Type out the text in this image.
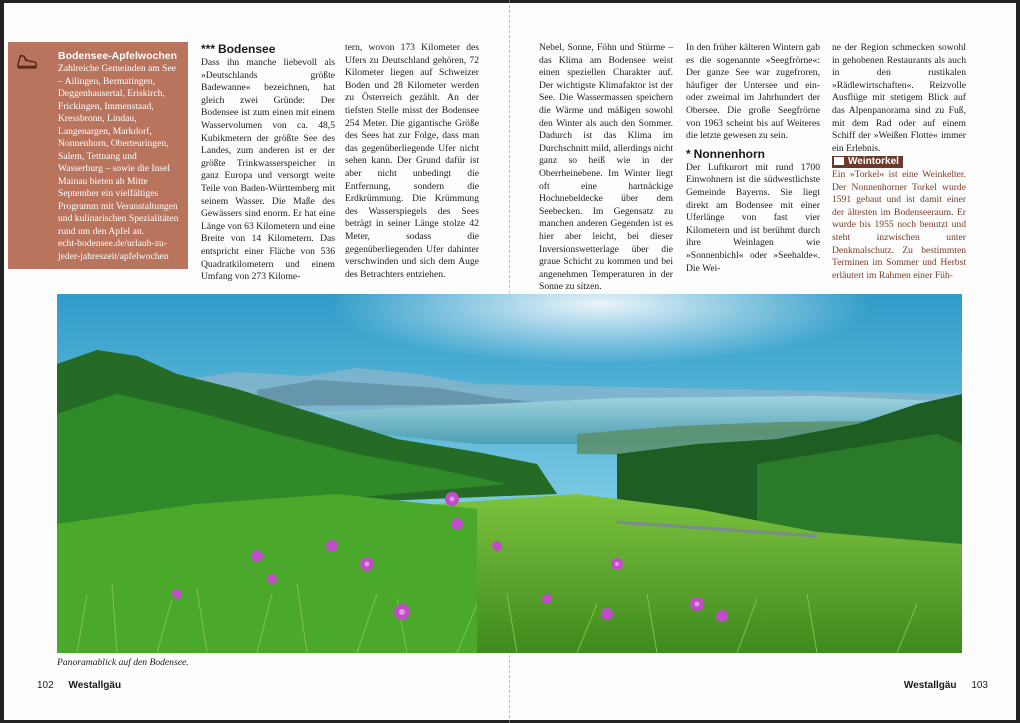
Bodensee-Apfelwochen
Zahlreiche Gemeinden am See – Ailingen, Bermatingen, Deggenhausertal, Eriskirch, Frickingen, Immenstaad, Kressbronn, Lindau, Langenargen, Markdorf, Nonnenhorn, Oberteuringen, Salem, Tettnang und Wasserburg – sowie die Insel Mainau bieten ab Mitte September ein vielfältiges Programm mit Veranstaltungen und kulinarischen Spezialitäten rund um den Apfel an.
echt-bodensee.de/urlaub-zu-jeder-jahreszeit/apfelwochen
*** Bodensee

Dass ihn manche liebevoll als »Deutschlands größte Badewanne« bezeichnen, hat gleich zwei Gründe: Der Bodensee ist zum einen mit einem Wasservolumen von ca. 48,5 Kubikmetern der größte See des Landes, zum anderen ist er der größte Trinkwasserspeicher in ganz Europa und versorgt weite Teile von Baden-Württemberg mit seinem Wasser. Die Maße des Gewässers sind enorm. Er hat eine Länge von 63 Kilometern und eine Breite von 14 Kilometern. Das entspricht einer Fläche von 536 Quadratkilometern und einem Umfang von 273 Kilome-

tern, wovon 173 Kilometer des Ufers zu Deutschland gehören, 72 Kilometer liegen auf Schweizer Boden und 28 Kilometer werden zu Österreich gezählt. An der tiefsten Stelle misst der Bodensee 254 Meter. Die gigantische Größe des Sees hat zur Folge, dass man das gegenüberliegende Ufer nicht sehen kann. Der Grund dafür ist aber nicht unbedingt die Entfernung, sondern die Erdkrümmung. Die Krümmung des Wasserspiegels des Sees beträgt in seiner Länge stolze 42 Meter, sodass die gegenüberliegenden Ufer dahinter verschwinden und sich dem Auge des Betrachters entziehen.

Nebel, Sonne, Föhn und Stürme – das Klima am Bodensee weist einen speziellen Charakter auf. Der wichtigste Klimafaktor ist der See. Die Wassermassen speichern die Wärme und mäßigen sowohl den Winter als auch den Sommer. Dadurch ist das Klima im Durchschnitt mild, allerdings nicht ganz so heiß wie in der Oberrheinebene. Im Winter liegt oft eine hartnäckige Hochnebeldecke über dem Seebecken. Im Gegensatz zu manchen anderen Gegenden ist es hier aber leicht, bei dieser Inversionswetterlage über die graue Schicht zu kommen und bei angenehmen Temperaturen in der Sonne zu sitzen.

In den früher kälteren Wintern gab es die sogenannte »Seegfrörne«: Der ganze See war zugefroren, häufiger der Untersee und ein- oder zweimal im Jahrhundert der Obersee. Die große Seegfrörne von 1963 scheint bis auf Weiteres die letzte gewesen zu sein.

* Nonnenhorn

Der Luftkurort mit rund 1700 Einwohnern ist die südwestlichste Gemeinde Bayerns. Sie liegt direkt am Bodensee mit einer Uferlänge von fast vier Kilometern und ist berühmt durch ihre Weinlagen wie »Sonnenbichl« oder »Seehalde«. Die Wei-

ne der Region schmecken sowohl in gehobenen Restaurants als auch in den rustikalen »Rädlewirtschaften«. Reizvolle Ausflüge mit stetigem Blick auf das Alpenpanorama sind zu Fuß, mit dem Rad oder auf einem Schiff der »Weißen Flotte« immer ein Erlebnis.

Weintorkel

Ein »Torkel« ist eine Weinkelter. Der Nonnenhorner Torkel wurde 1591 gebaut und ist damit einer der ältesten im Bodenseeraum. Er wurde bis 1955 noch benutzt und steht inzwischen unter Denkmalschutz. Zu bestimmten Terminen im Sommer und Herbst erläutert im Rahmen einer Füh-

Panoramablick auf den Bodensee.
102 Westallgäu	Westallgäu 103
